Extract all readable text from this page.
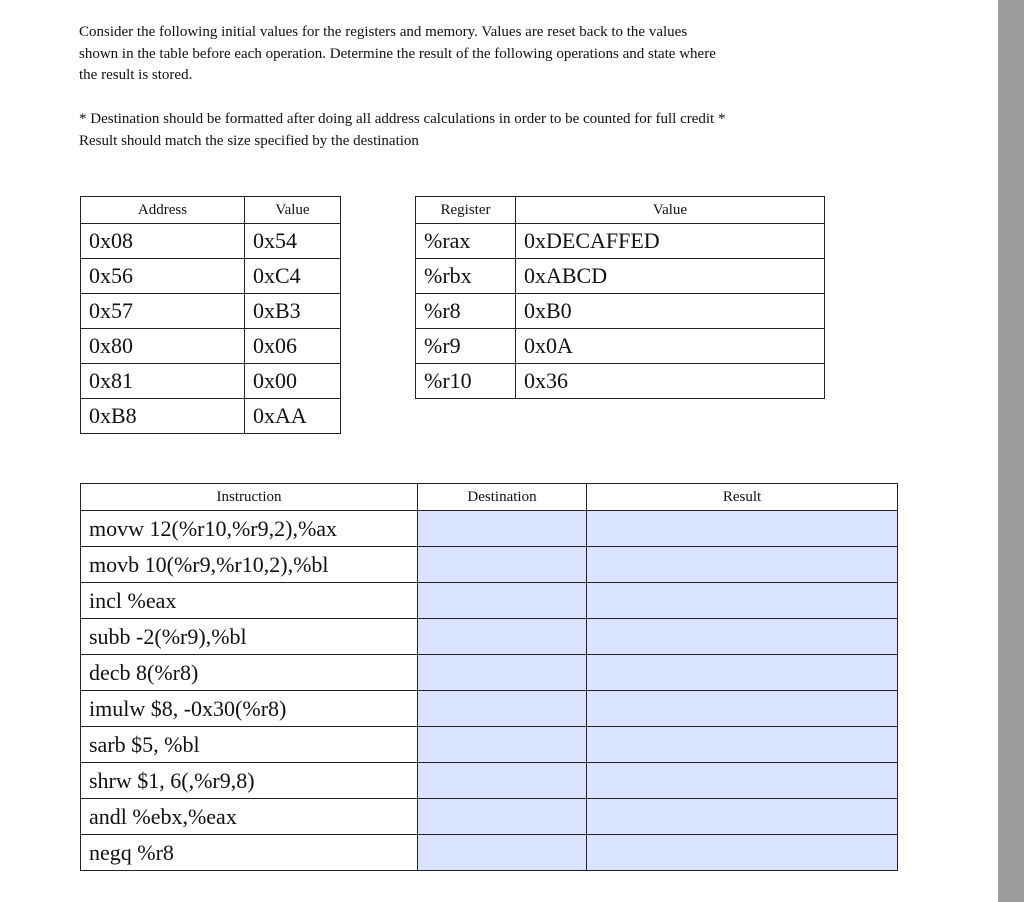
Consider the following initial values for the registers and memory. Values are reset back to the values
shown in the table before each operation. Determine the result of the following operations and state where
the result is stored.
* Destination should be formatted after doing all address calculations in order to be counted for full credit *
Result should match the size specified by the destination
Address	Value
0x08	0x54
0x56	0xC4
0x57	0xB3
0x80	0x06
0x81	0x00
0xB8	0xAA
Register	Value
%rax	0xDECAFFED
%rbx	0xABCD
%r8	0xB0
%r9	0x0A
%r10	0x36
Instruction	Destination	Result
movw 12(%r10,%r9,2),%ax		
movb 10(%r9,%r10,2),%bl		
incl %eax		
subb -2(%r9),%bl		
decb 8(%r8)		
imulw $8, -0x30(%r8)		
sarb $5, %bl		
shrw $1, 6(,%r9,8)		
andl %ebx,%eax		
negq %r8		
